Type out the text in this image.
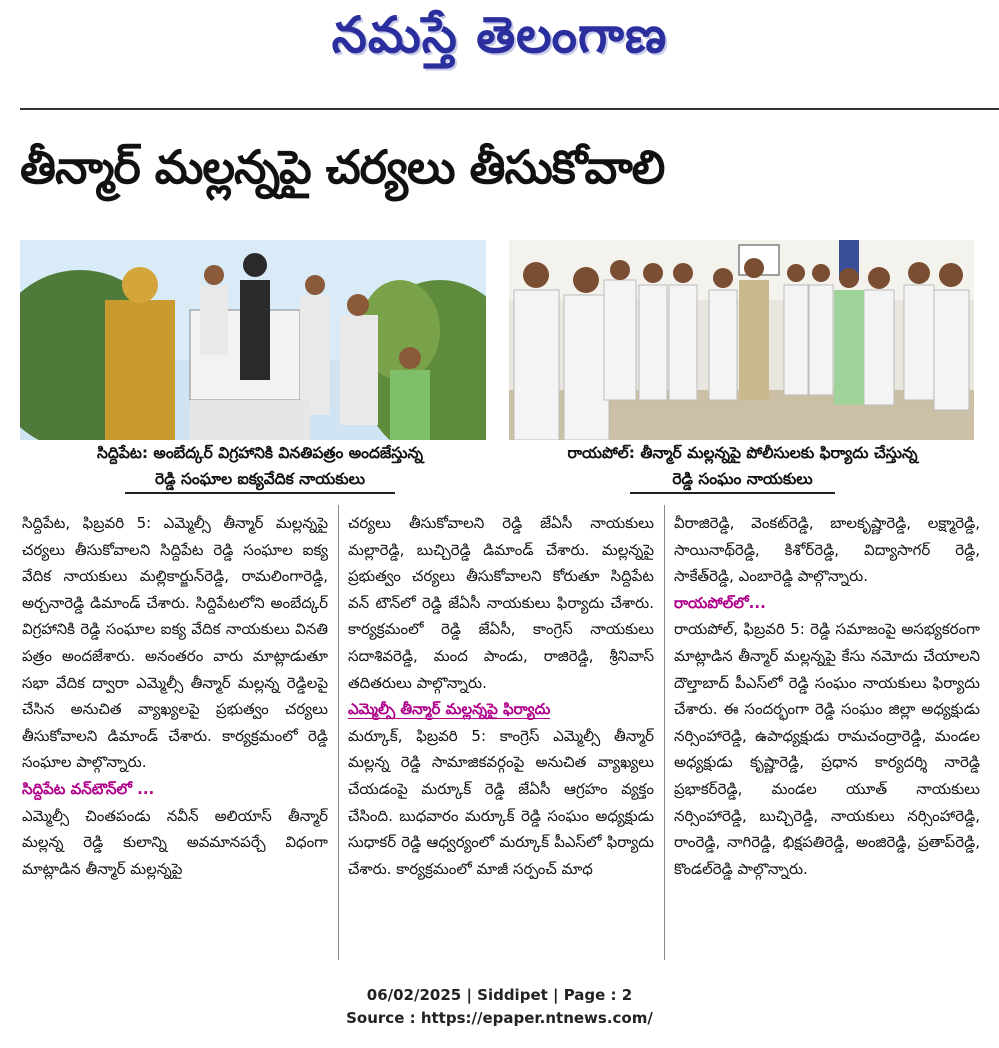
నమస్తే తెలంగాణ
తీన్మార్ మల్లన్నపై చర్యలు తీసుకోవాలి
సిద్దిపేట: అంబేద్కర్ విగ్రహానికి వినతిపత్రం అందజేస్తున్న
రెడ్డి సంఘాల ఐక్యవేదిక నాయకులు
రాయపోల్: తీన్మార్ మల్లన్నపై పోలీసులకు ఫిర్యాదు చేస్తున్న
రెడ్డి సంఘం నాయకులు

సిద్దిపేట, ఫిబ్రవరి 5: ఎమ్మెల్సీ తీన్మార్ మల్లన్నపై చర్యలు తీసుకోవాలని సిద్దిపేట రెడ్డి సంఘాల ఐక్య వేదిక నాయకులు మల్లికార్జున్‌రెడ్డి, రామలింగారెడ్డి, అర్చనారెడ్డి డిమాండ్ చేశారు. సిద్దిపేటలోని అంబేద్కర్ విగ్రహానికి రెడ్డి సంఘాల ఐక్య వేదిక నాయకులు వినతి పత్రం అందజేశారు. అనంతరం వారు మాట్లాడుతూ సభా వేదిక ద్వారా ఎమ్మెల్సీ తీన్మార్ మల్లన్న రెడ్డిలపై చేసిన అనుచిత వ్యాఖ్యలపై ప్రభుత్వం చర్యలు తీసుకోవాలని డిమాండ్ చేశారు. కార్యక్రమంలో రెడ్డి సంఘాల పాల్గొన్నారు.

సిద్దిపేట వన్‌టౌన్‌లో ...

ఎమ్మెల్సీ చింతపండు నవీన్ అలియాస్ తీన్మార్ మల్లన్న రెడ్డి కులాన్ని అవమానపర్చే విధంగా మాట్లాడిన తీన్మార్ మల్లన్నపై

చర్యలు తీసుకోవాలని రెడ్డి జేఏసీ నాయకులు మల్లారెడ్డి, బుచ్చిరెడ్డి డిమాండ్ చేశారు. మల్లన్నపై ప్రభుత్వం చర్యలు తీసుకోవాలని కోరుతూ సిద్దిపేట వన్ టౌన్‌లో రెడ్డి జేఏసీ నాయకులు ఫిర్యాదు చేశారు. కార్యక్రమంలో రెడ్డి జేఏసీ, కాంగ్రెస్ నాయకులు సదాశివరెడ్డి, మంద పాండు, రాజిరెడ్డి, శ్రీనివాస్ తదితరులు పాల్గొన్నారు.

ఎమ్మెల్సీ తీన్మార్ మల్లన్నపై ఫిర్యాదు

మర్కూక్, ఫిబ్రవరి 5: కాంగ్రెస్ ఎమ్మెల్సీ తీన్మార్ మల్లన్న రెడ్డి సామాజికవర్గంపై అనుచిత వ్యాఖ్యలు చేయడంపై మర్కూక్ రెడ్డి జేఏసీ ఆగ్రహం వ్యక్తం చేసింది. బుధవారం మర్కూక్ రెడ్డి సంఘం అధ్యక్షుడు సుధాకర్ రెడ్డి ఆధ్వర్యంలో మర్కూక్ పీఎస్‌లో ఫిర్యాదు చేశారు. కార్యక్రమంలో మాజీ సర్పంచ్ మాధ

వీరాజిరెడ్డి, వెంకట్‌రెడ్డి, బాలకృష్ణారెడ్డి, లక్ష్మారెడ్డి, సాయినాథ్‌రెడ్డి, కిశోర్‌రెడ్డి, విద్యాసాగర్ రెడ్డి, సాకేత్‌రెడ్డి, ఎంబారెడ్డి పాల్గొన్నారు.

రాయపోల్‌లో...

రాయపోల్, ఫిబ్రవరి 5: రెడ్డి సమాజంపై అసభ్యకరంగా మాట్లాడిన తీన్మార్ మల్లన్నపై కేసు నమోదు చేయాలని దౌల్తాబాద్ పీఎస్‌లో రెడ్డి సంఘం నాయకులు ఫిర్యాదు చేశారు. ఈ సందర్భంగా రెడ్డి సంఘం జిల్లా అధ్యక్షుడు నర్సింహారెడ్డి, ఉపాధ్యక్షుడు రామచంద్రారెడ్డి, మండల అధ్యక్షుడు కృష్ణారెడ్డి, ప్రధాన కార్యదర్శి నారెడ్డి ప్రభాకర్‌రెడ్డి, మండల యూత్ నాయకులు నర్సింహారెడ్డి, బుచ్చిరెడ్డి, నాయకులు నర్సింహారెడ్డి, రాంరెడ్డి, నాగిరెడ్డి, భిక్షపతిరెడ్డి, అంజిరెడ్డి, ప్రతాప్‌రెడ్డి, కొండల్‌రెడ్డి పాల్గొన్నారు.

06/02/2025 | Siddipet | Page : 2
Source : https://epaper.ntnews.com/
